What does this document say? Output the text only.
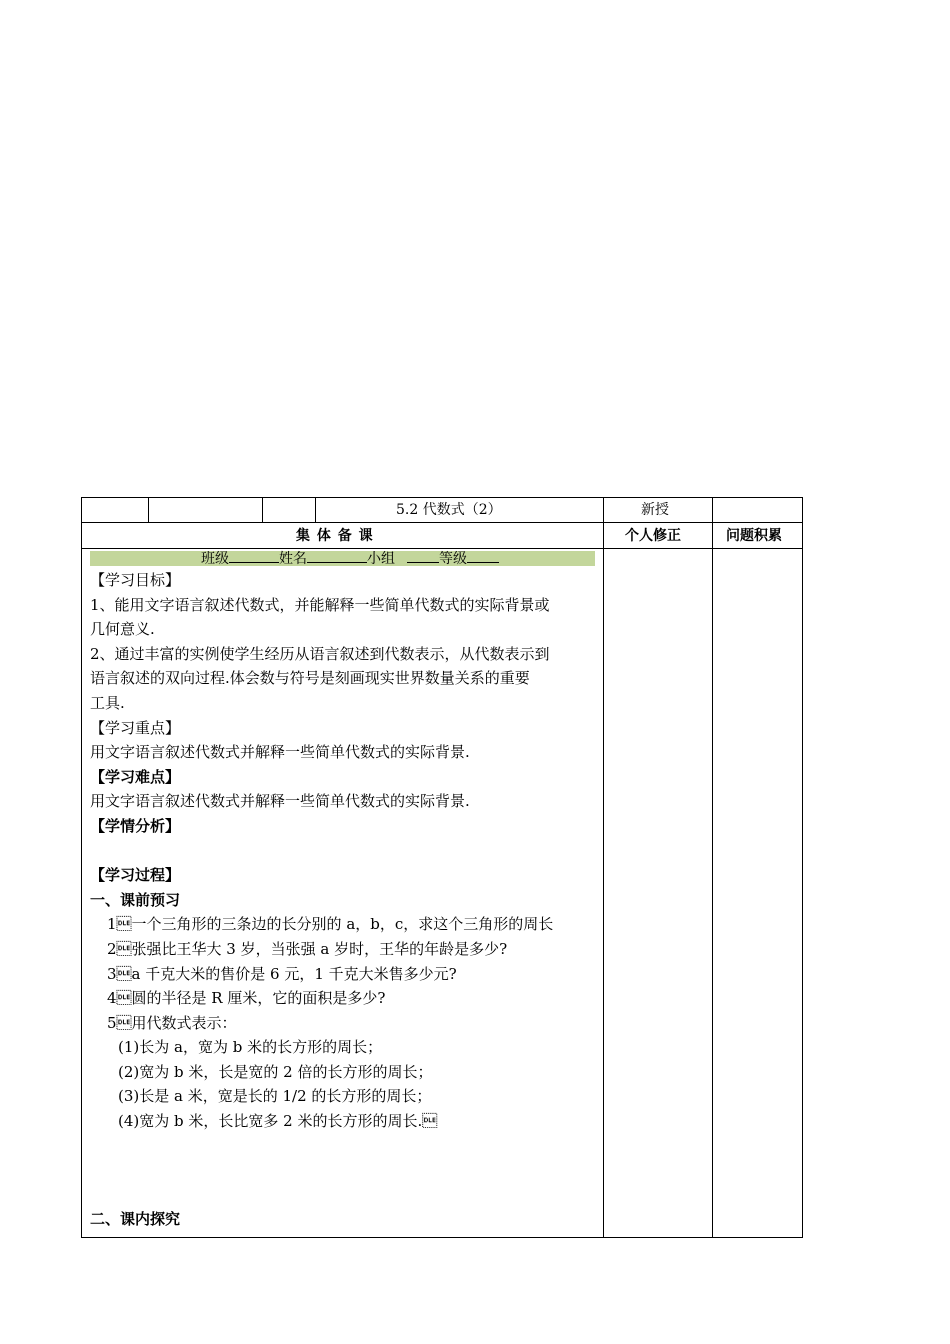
5.2 代数式（2）	新授
集 体 备 课	个人修正	问题积累
班级	姓名	小组	等级

【学习目标】

1、能用文字语言叙述代数式，并能解释一些简单代数式的实际背景或

几何意义.

2、通过丰富的实例使学生经历从语言叙述到代数表示，从代数表示到

语言叙述的双向过程.体会数与符号是刻画现实世界数量关系的重要

工具.

【学习重点】

用文字语言叙述代数式并解释一些简单代数式的实际背景.

【学习难点】

用文字语言叙述代数式并解释一些简单代数式的实际背景.

【学情分析】

【学习过程】

一、课前预习

1一个三角形的三条边的长分别的 a，b，c，求这个三角形的周长

2张强比王华大 3 岁，当张强 a 岁时，王华的年龄是多少?

3a 千克大米的售价是 6 元，1 千克大米售多少元?

4圆的半径是 R 厘米，它的面积是多少?

5用代数式表示：

(1)长为 a，宽为 b 米的长方形的周长；

(2)宽为 b 米，长是宽的 2 倍的长方形的周长；

(3)长是 a 米，宽是长的 1/2 的长方形的周长；

(4)宽为 b 米，长比宽多 2 米的长方形的周长.

二、课内探究
